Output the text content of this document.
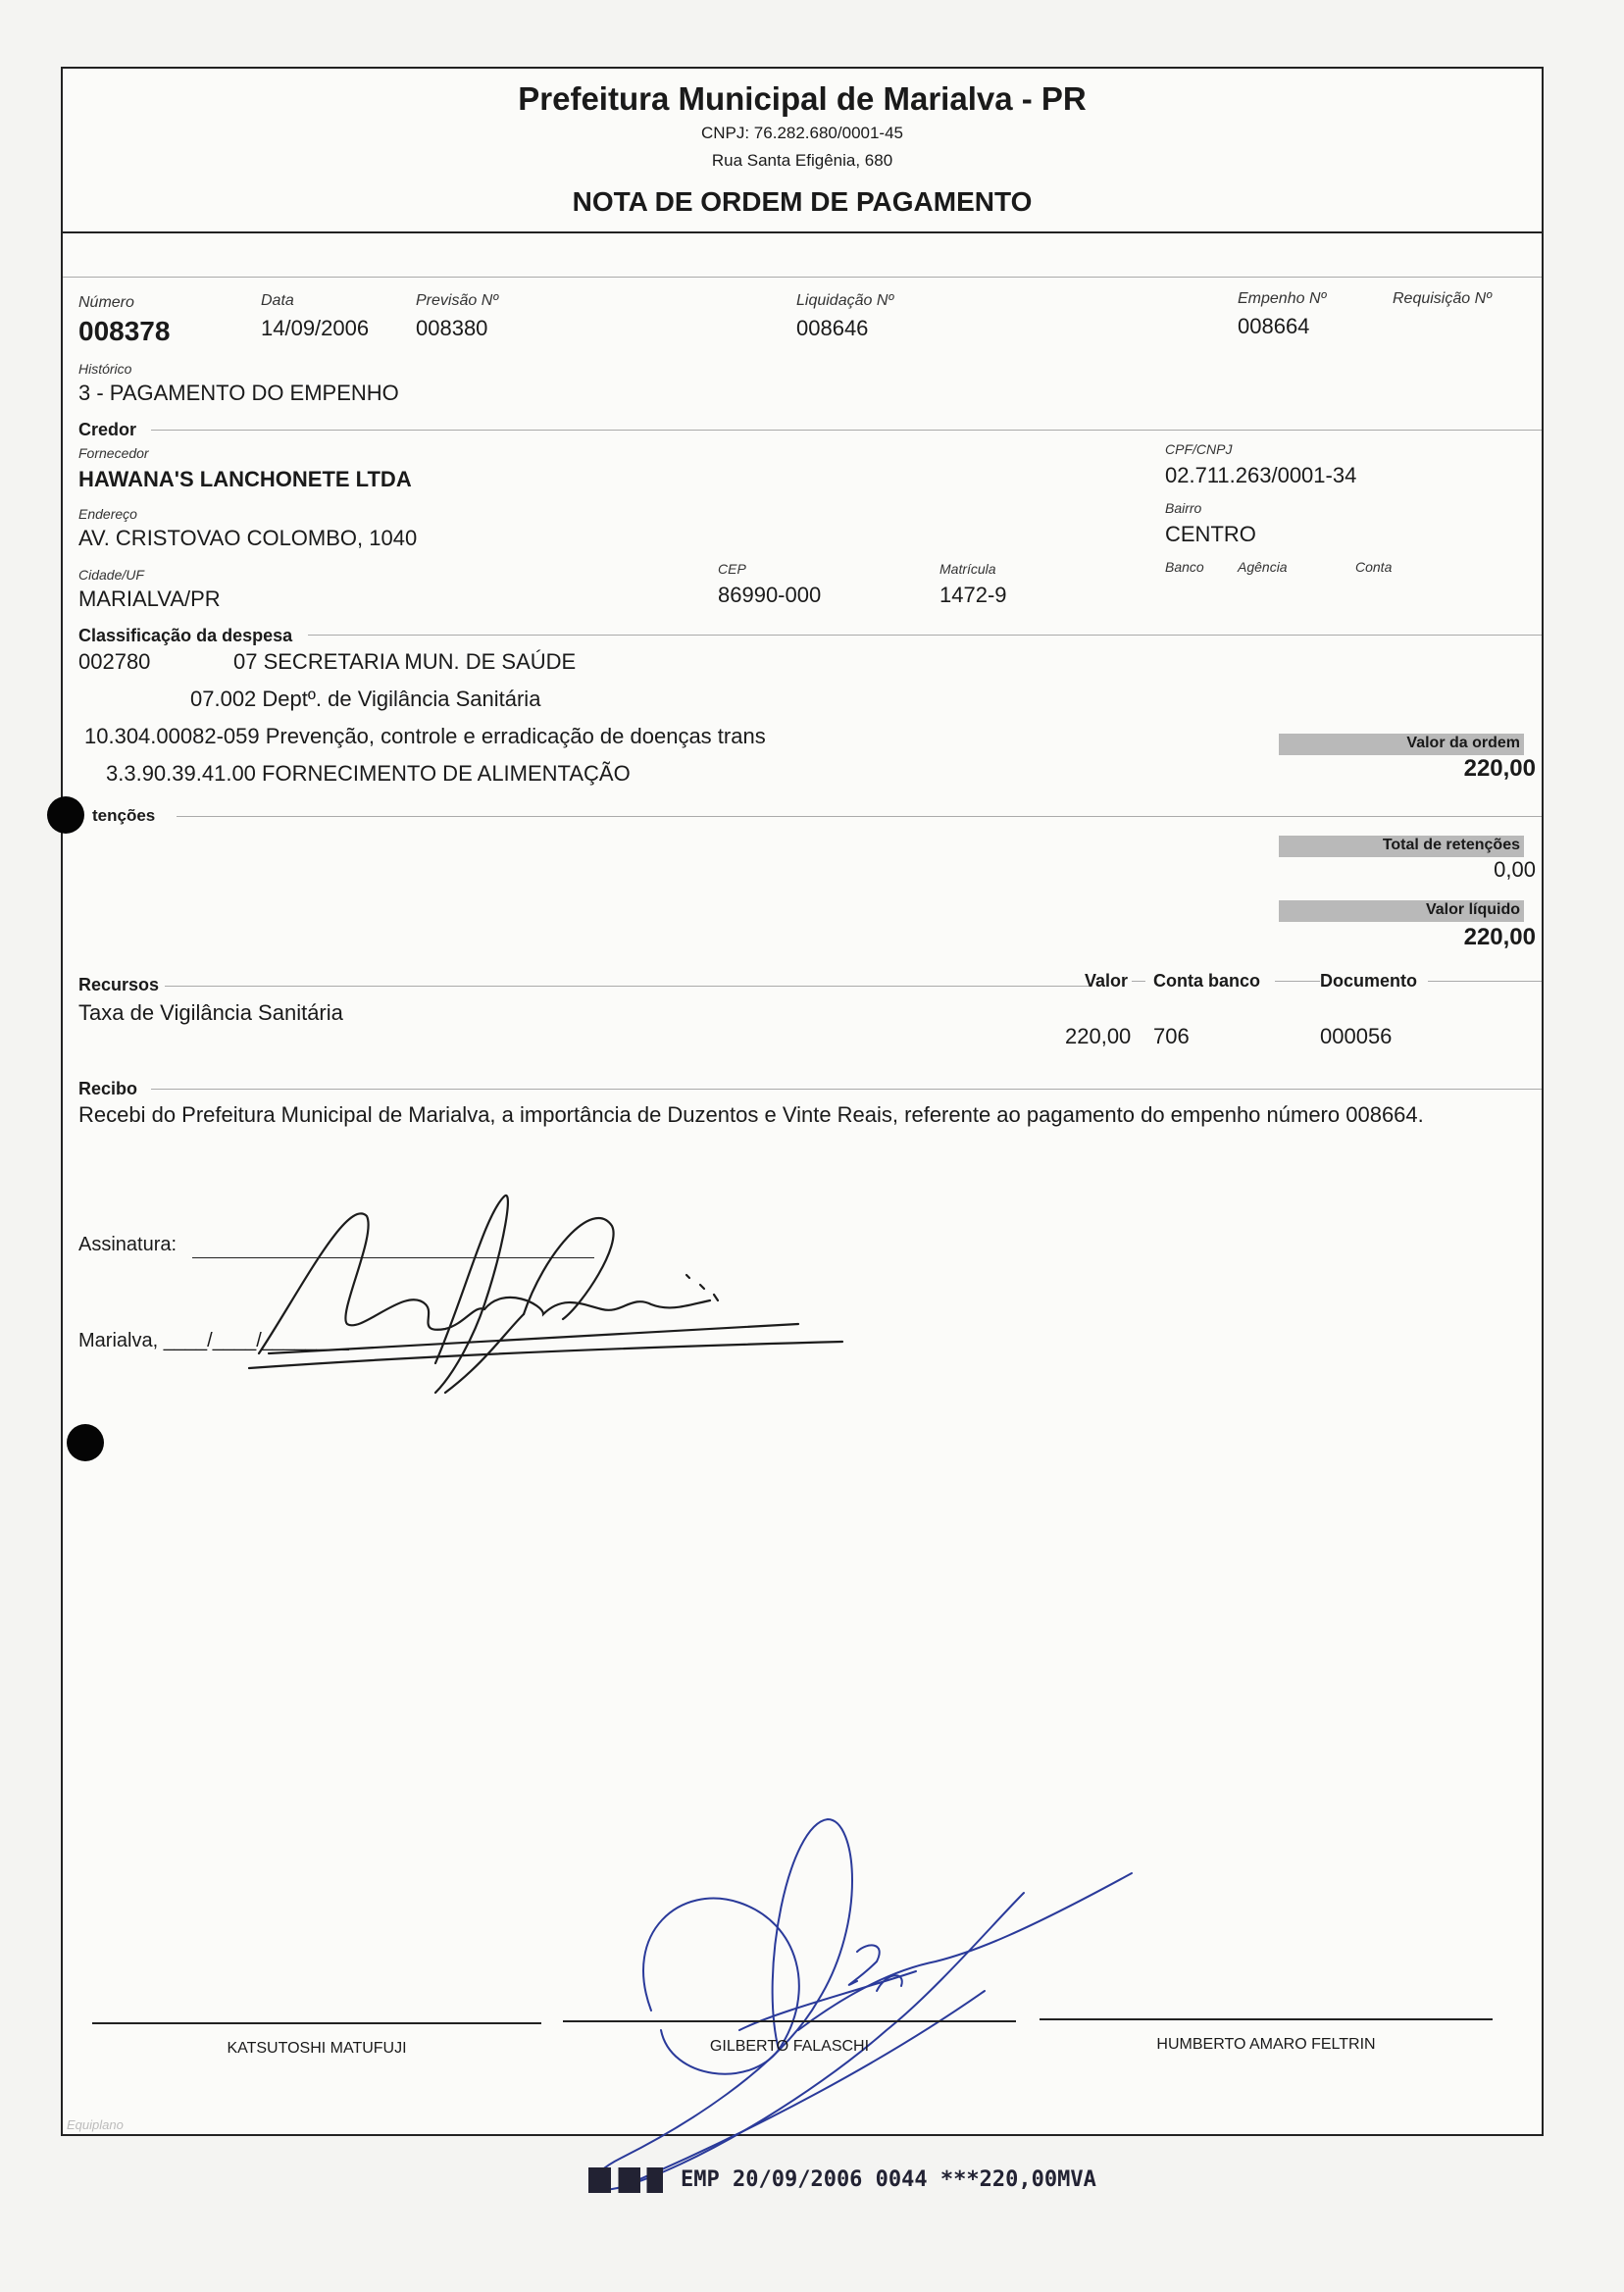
Prefeitura Municipal de Marialva - PR
CNPJ: 76.282.680/0001-45
Rua Santa Efigênia, 680
NOTA DE ORDEM DE PAGAMENTO
Número
008378
Data
14/09/2006
Previsão Nº
008380
Liquidação Nº
008646
Empenho Nº
008664
Requisição Nº
Histórico
3 - PAGAMENTO DO EMPENHO
Credor
Fornecedor
HAWANA'S LANCHONETE LTDA
CPF/CNPJ
02.711.263/0001-34
Endereço
AV. CRISTOVAO COLOMBO, 1040
Bairro
CENTRO
Cidade/UF
MARIALVA/PR
CEP
86990-000
Matrícula
1472-9
Banco Agência	Conta
Classificação da despesa
002780	07 SECRETARIA MUN. DE SAÚDE
07.002 Deptº. de Vigilância Sanitária
10.304.00082-059 Prevenção, controle e erradicação de doenças trans
3.3.90.39.41.00 FORNECIMENTO DE ALIMENTAÇÃO
Valor da ordem
220,00
tenções
Total de retenções
0,00
Valor líquido
220,00
Recursos	Valor Conta banco	Documento
Taxa de Vigilância Sanitária
220,00 706	000056
Recibo
Recebi do Prefeitura Municipal de Marialva, a importância de Duzentos e Vinte Reais, referente ao pagamento do empenho número 008664.
Assinatura:
Marialva, ____/____/________
KATSUTOSHI MATUFUJI	GILBERTO FALASCHI	HUMBERTO AMARO FELTRIN
Equiplano
EMP 20/09/2006 0044 ***220,00MVA
